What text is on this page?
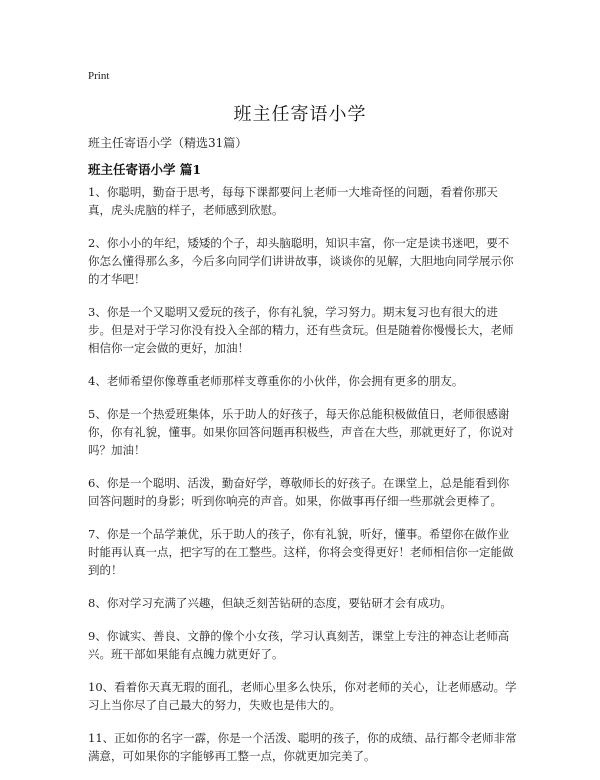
Print
班主任寄语小学
班主任寄语小学（精选31篇）
班主任寄语小学 篇1

1、你聪明，勤奋于思考，每每下课都要问上老师一大堆奇怪的问题，看着你那天真，虎头虎脑的样子，老师感到欣慰。

2、你小小的年纪，矮矮的个子，却头脑聪明，知识丰富，你一定是读书迷吧，要不你怎么懂得那么多，今后多向同学们讲讲故事，谈谈你的见解，大胆地向同学展示你的才华吧！

3、你是一个又聪明又爱玩的孩子，你有礼貌，学习努力。期末复习也有很大的进步。但是对于学习你没有投入全部的精力，还有些贪玩。但是随着你慢慢长大，老师相信你一定会做的更好，加油！

4、老师希望你像尊重老师那样支尊重你的小伙伴，你会拥有更多的朋友。

5、你是一个热爱班集体，乐于助人的好孩子，每天你总能积极做值日，老师很感谢你，你有礼貌，懂事。如果你回答问题再积极些，声音在大些，那就更好了，你说对吗？加油！

6、你是一个聪明、活泼，勤奋好学，尊敬师长的好孩子。在课堂上，总是能看到你回答问题时的身影；听到你响亮的声音。如果，你做事再仔细一些那就会更棒了。

7、你是一个品学兼优，乐于助人的孩子，你有礼貌，听好，懂事。希望你在做作业时能再认真一点，把字写的在工整些。这样，你将会变得更好！老师相信你一定能做到的！

8、你对学习充满了兴趣，但缺乏刻苦钻研的态度，要钻研才会有成功。

9、你诚实、善良、文静的像个小女孩，学习认真刻苦，课堂上专注的神态让老师高兴。班干部如果能有点魄力就更好了。

10、看着你天真无瑕的面孔，老师心里多么快乐，你对老师的关心，让老师感动。学习上当你尽了自己最大的努力，失败也是伟大的。

11、正如你的名字一霹，你是一个活泼、聪明的孩子，你的成绩、品行都令老师非常满意，可如果你的字能够再工整一点，你就更加完美了。
